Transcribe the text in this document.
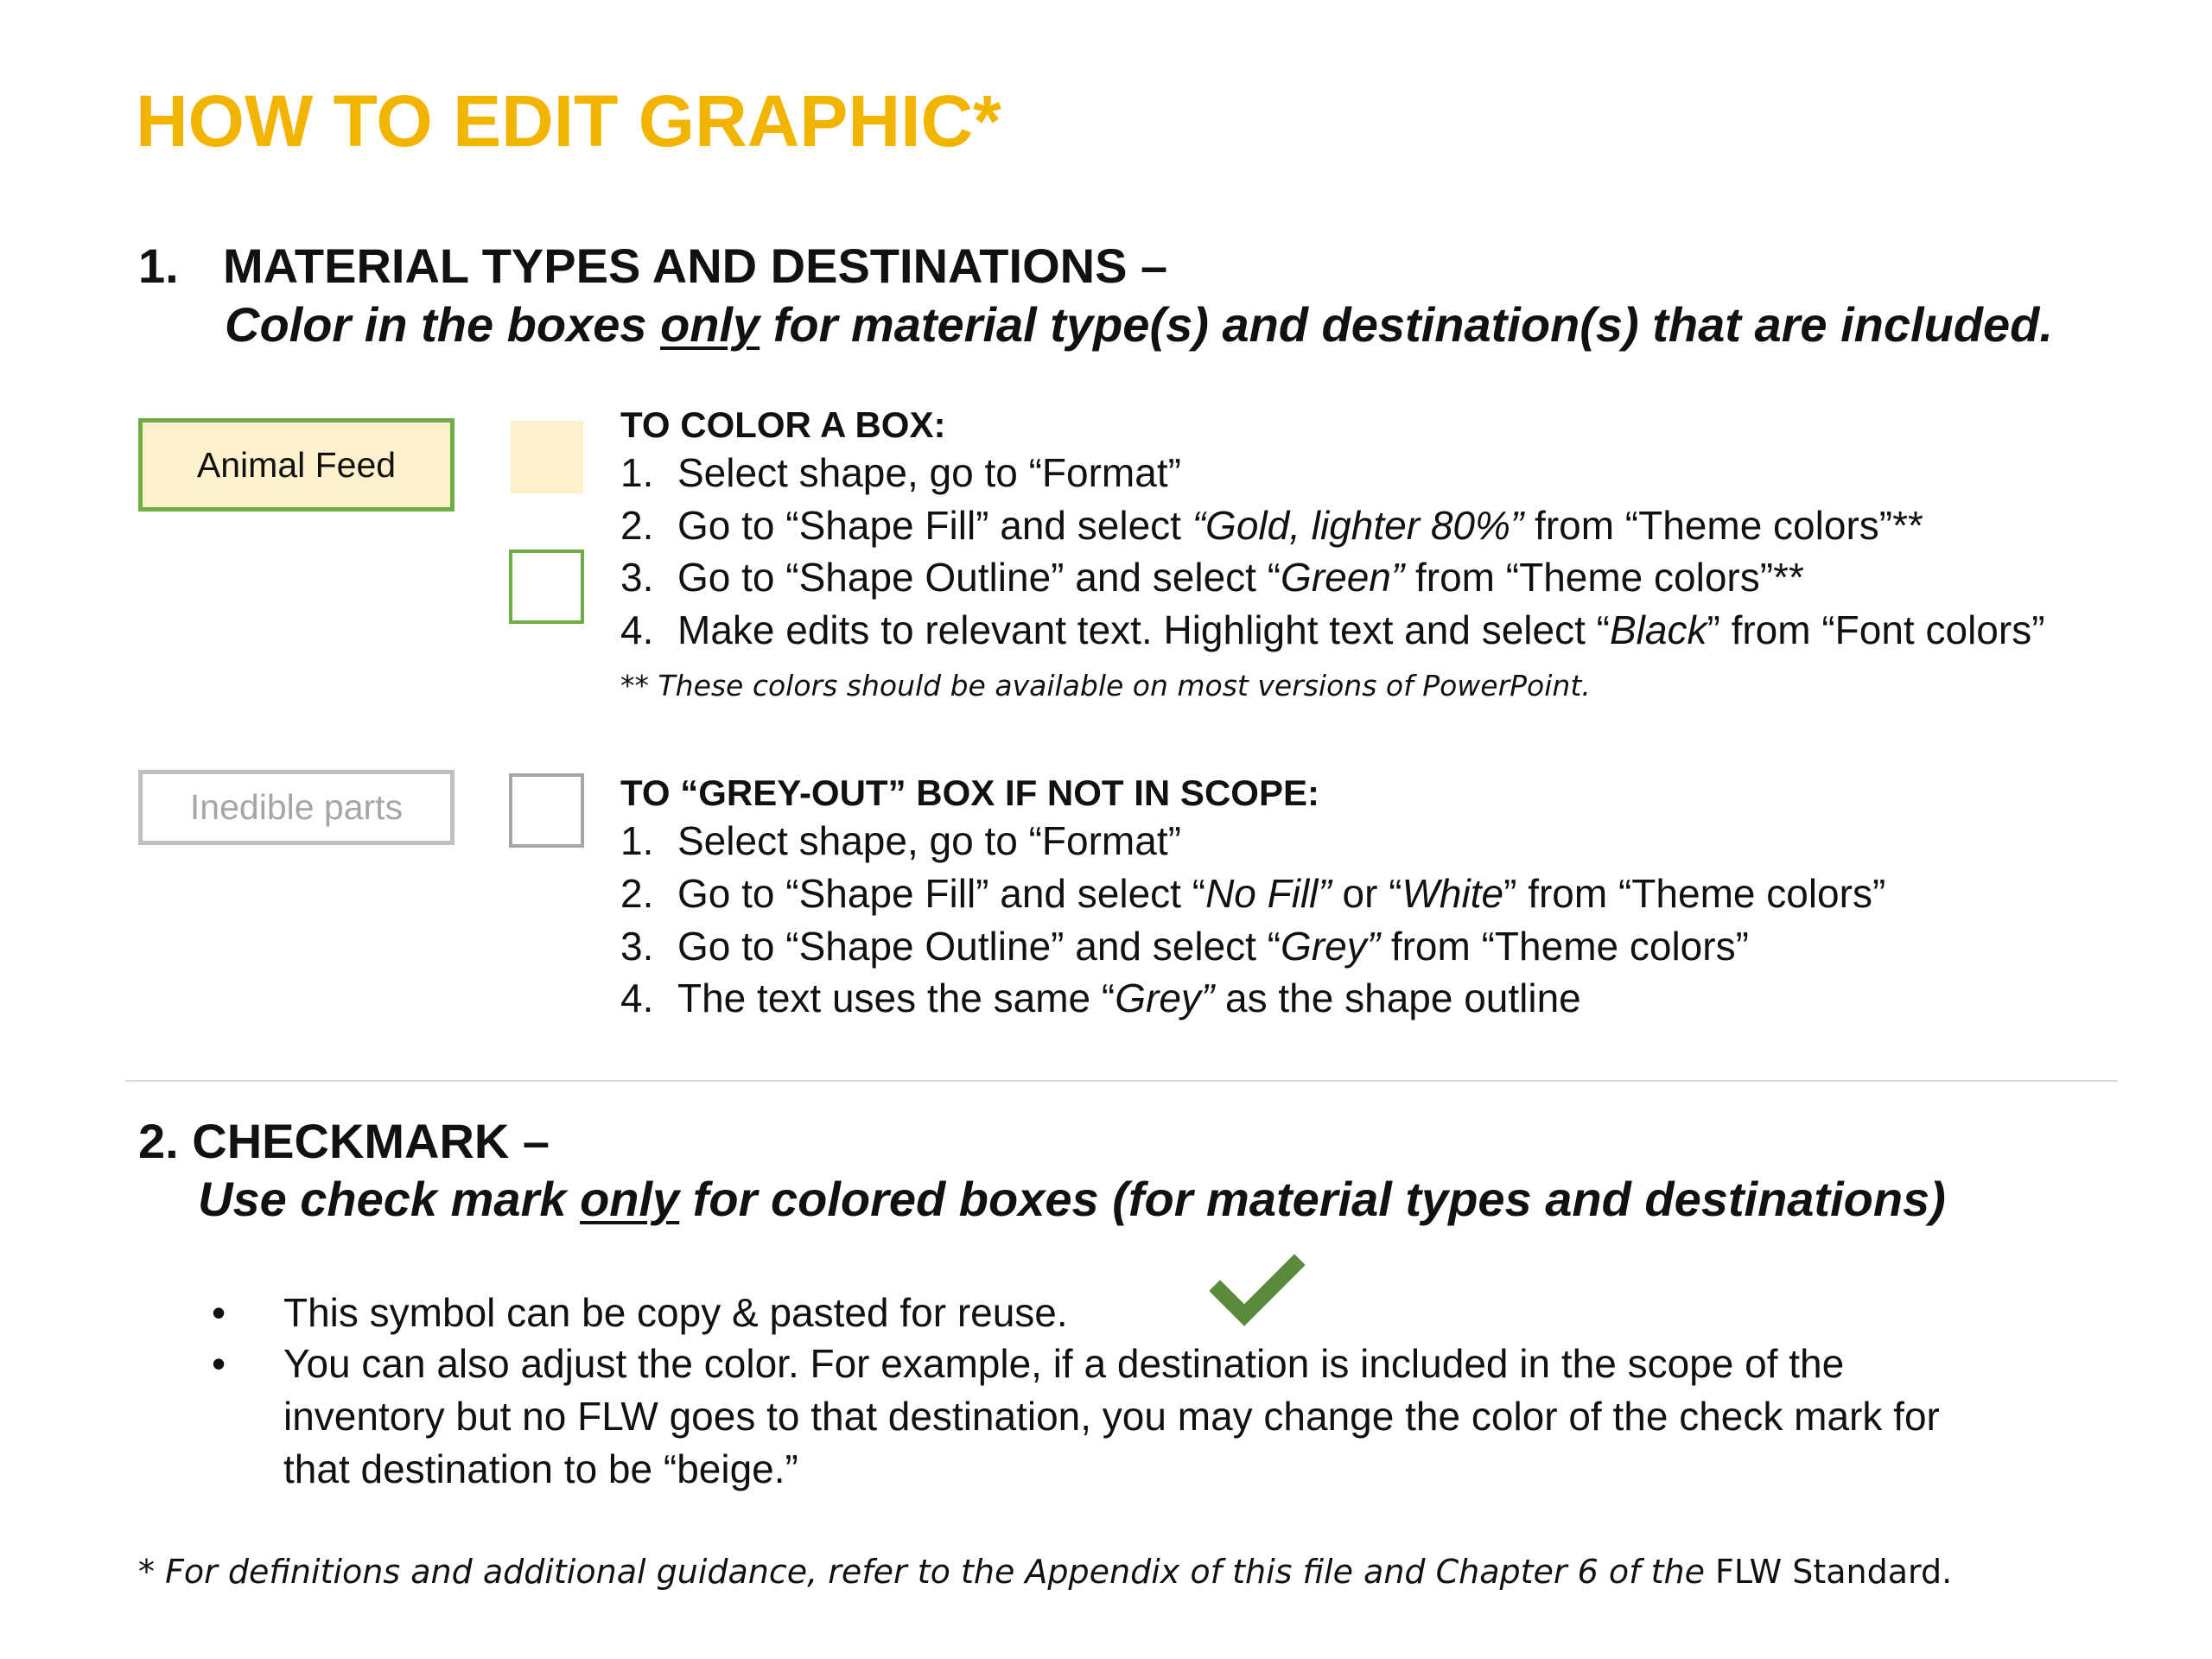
HOW TO EDIT GRAPHIC*
1. MATERIAL TYPES AND DESTINATIONS –
Color in the boxes only for material type(s) and destination(s) that are included.
Animal Feed
Inedible parts
TO COLOR A BOX:
1. Select shape, go to “Format”
2. Go to “Shape Fill” and select “Gold, lighter 80%” from “Theme colors”**
3. Go to “Shape Outline” and select “ Green” from “Theme colors”**
4. Make edits to relevant text. Highlight text and select “ Black ” from “Font colors”
** These colors should be available on most versions of PowerPoint.
TO “GREY-OUT” BOX IF NOT IN SCOPE:
1. Select shape, go to “Format”
2. Go to “Shape Fill” and select “ No Fill” or “ White ” from “Theme colors”
3. Go to “Shape Outline” and select “ Grey” from “Theme colors”
4. The text uses the same “ Grey” as the shape outline
2. CHECKMARK –
Use check mark only for colored boxes (for material types and destinations)
•	This symbol can be copy & pasted for reuse.
•	You can also adjust the color. For example, if a destination is included in the scope of the
inventory but no FLW goes to that destination, you may change the color of the check mark for
that destination to be “beige.”
* For definitions and additional guidance, refer to the Appendix of this file and Chapter 6 of the FLW Standard.
